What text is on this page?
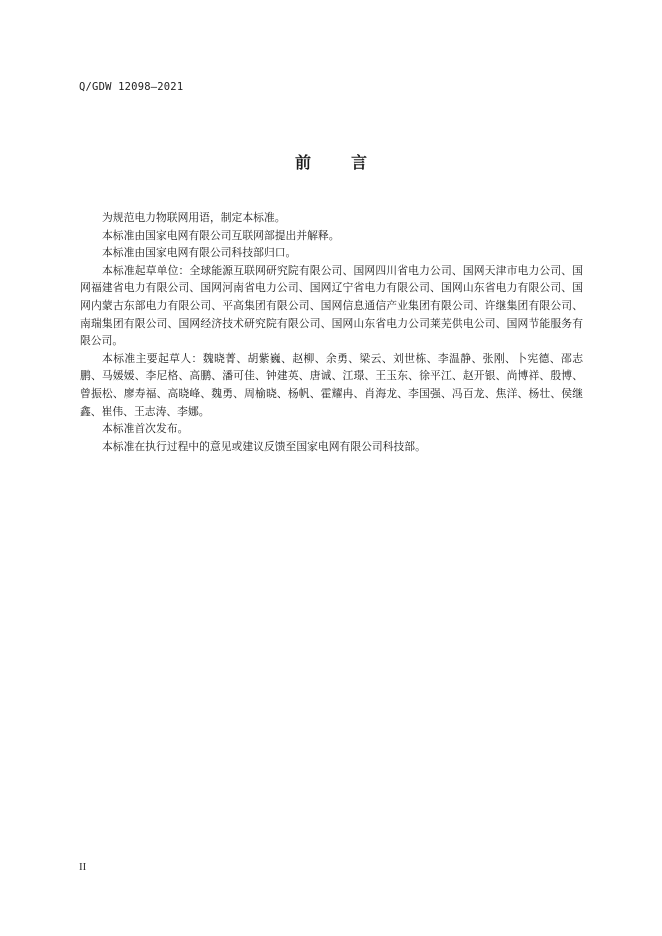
Q/GDW 12098—2021
前	言

为规范电力物联网用语，制定本标准。

本标准由国家电网有限公司互联网部提出并解释。

本标准由国家电网有限公司科技部归口。

本标准起草单位：全球能源互联网研究院有限公司、国网四川省电力公司、国网天津市电力公司、国网福建省电力有限公司、国网河南省电力公司、国网辽宁省电力有限公司、国网山东省电力有限公司、国网内蒙古东部电力有限公司、平高集团有限公司、国网信息通信产业集团有限公司、许继集团有限公司、南瑞集团有限公司、国网经济技术研究院有限公司、国网山东省电力公司莱芜供电公司、国网节能服务有限公司。

本标准主要起草人：魏晓菁、胡紫巍、赵柳、余勇、梁云、刘世栋、李温静、张刚、卜宪德、邵志鹏、马媛媛、李尼格、高鹏、潘可佳、钟建英、唐诚、江璟、王玉东、徐平江、赵开银、尚博祥、殷博、曾振松、廖寿福、高晓峰、魏勇、周榆晓、杨帆、霍耀冉、肖海龙、李国强、冯百龙、焦洋、杨壮、侯继鑫、崔伟、王志涛、李娜。

本标准首次发布。

本标准在执行过程中的意见或建议反馈至国家电网有限公司科技部。

II
